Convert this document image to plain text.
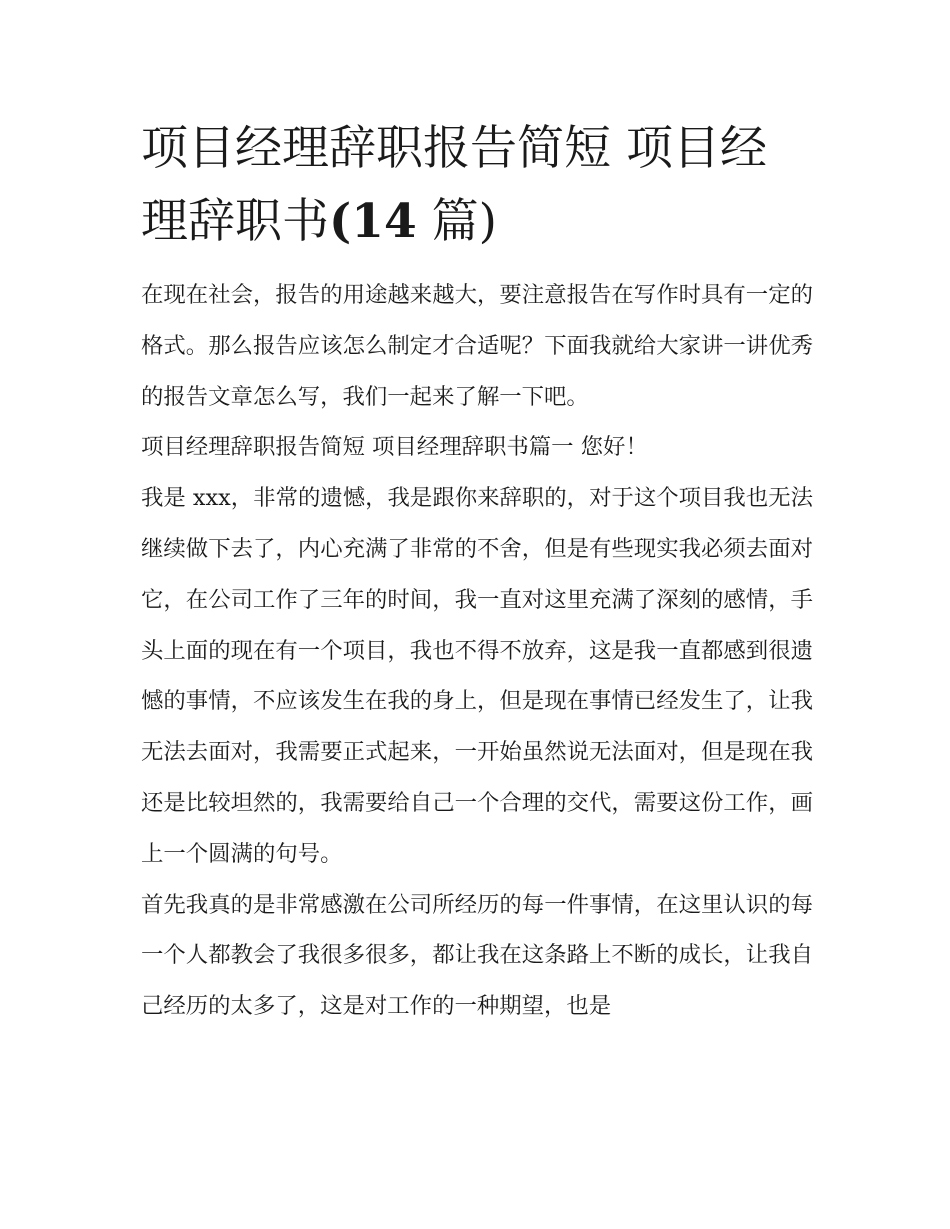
项目经理辞职报告简短 项目经理辞职书(14 篇)

在现在社会，报告的用途越来越大，要注意报告在写作时具有一定的格式。那么报告应该怎么制定才合适呢？下面我就给大家讲一讲优秀的报告文章怎么写，我们一起来了解一下吧。

项目经理辞职报告简短 项目经理辞职书篇一 您好！

我是 xxx，非常的遗憾，我是跟你来辞职的，对于这个项目我也无法继续做下去了，内心充满了非常的不舍，但是有些现实我必须去面对它，在公司工作了三年的时间，我一直对这里充满了深刻的感情，手头上面的现在有一个项目，我也不得不放弃，这是我一直都感到很遗憾的事情，不应该发生在我的身上，但是现在事情已经发生了，让我无法去面对，我需要正式起来，一开始虽然说无法面对，但是现在我还是比较坦然的，我需要给自己一个合理的交代，需要这份工作，画上一个圆满的句号。

首先我真的是非常感激在公司所经历的每一件事情，在这里认识的每一个人都教会了我很多很多，都让我在这条路上不断的成长，让我自己经历的太多了，这是对工作的一种期望，也是
